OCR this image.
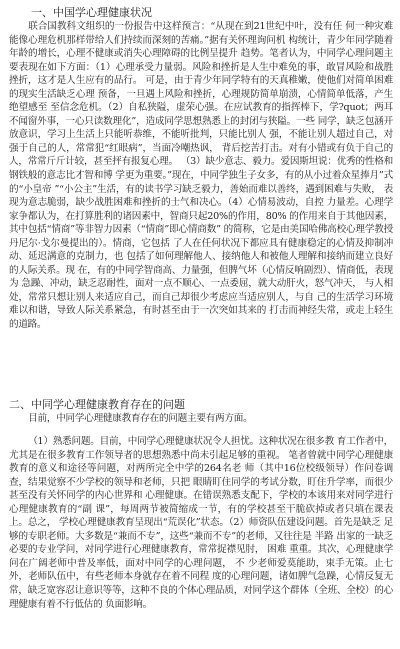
一、中国学心理健康状况

联合国教科文组织的一份报告中这样预言：“从现在到21世纪中叶，没有任 何一种灾难能像心理危机那样带给人们持续而深刻的苦痛。”据有关怀理询问机 构统计，青少年同学随着年龄的增长，心理不健康或消失心理障碍的比例呈提升 趋势。笔者认为，中同学心理问题主要表现在如下方面：（1）心理承受力量弱。风险和挫折是人生中难免的事，敢冒风险和战胜挫折，这才是人生应有的品行。 可是，由于青少年同学特有的天真稚嫩，使他们对简单困难的现实生活缺乏心理 预备，一旦遇上风险和挫折，心理规防简单崩溃，心情简单低落，产生绝望感至 至信念危机。（2）自私狭隘，虚荣心强。在应试教育的指挥棒下，学?quot；两耳不闻窗外事，一心只读数理化”，造成同学思想熟悉上的封闭与狭隘。一些 同学，缺乏包涵开放意识，学习上生活上只能听恭维，不能听批判，只能比别人 强，不能让别人超过自己，对强于自己的人，常常犯“红眼病”，当面冷嘲热讽， 背后挖苦打击。对有小错或有负于自己的人，常常斤斤计较，甚至抨有报复心理。 （3）缺少意志、毅力。爱因斯坦说：优秀的性格和钢铁般的意志比才智和博 学更为重要。”现在，中同学独生子女多，有的从小过着众星捧月”式的“小皇帝 ”“小公主”生活，有的读书学习缺乏毅力，善始而难以善终，遇到困难与失败， 表现为意志脆弱，缺少战胜困难和挫折的士气和决心。（4）心情易波动，自控 力量差。心理学家争都认为，在打算胜利的诸因素中，智商只起20%的作用，80% 的作用来自于其他因素，其中包括“情商”等非智力因素（“情商”即心情商数” 的简称，它是由美国哈佛高校心理学教授丹尼尔·戈尔曼提出的）。情商，它包括 了人在任何状况下都应具有健康稳定的心情及抑制冲动、延迟满意的克制力，也 包括了如何理解他人、接纳他人和被他人理解和接纳而建立良好的人际关系。现 在，有的中同学智商高、力量强，但脾气坏（心情反响剧烈）、情商低，表现为 急躁、冲动，缺乏忍耐性，面对一点不顺心、一点委屈，就大动肝火，怒气冲天， 与人相处，常常只想让别人来适应自己，而自己却很少考虑应当适应别人，与自 己的生活学习环境难以和谐，导致人际关系紧急，有时甚至由于一次突如其来的 打击而神经失常，或走上轻生的道路。

二、中同学心理健康教育存在的问题

目前，中同学心理健康教育存在的问题主要有两方面。

（1）熟悉问题。目前，中同学心理健康状况令人担忧。这种状况在很多教 育工作者中，尤其是在很多教育工作领导者的思想熟悉中尚未引起足够的重视。 笔者曾就中同学心理健康教育的意义和途径等问题，对两所完全中学的264名老 师（其中16位校级领导）作问卷调查，结果觉察不少学校的领导和老师，只把 眼睛盯住同学的考试分数，盯住升学率，而很少甚至没有关怀同学的内心世界和 心理健康。在错误熟悉支配下，学校的本该用来对同学进行心理健康教育的“副 课”，每周两节被简缩成一节，有的学校甚至干脆砍掉或者只填在课表上。总之， 学校心理健康教育呈现出“荒误化”状态。（2）师资队伍建设问题。首先是缺乏 足够的专职老师。大多数是“兼而不专”，这些“兼而不专”的老师，又往往是 半路 出家的一缺乏必要的专业学问，对同学进行心理健康教育，常常捉襟见肘， 困难 重重。其次，心理健康学问在广阔老师中普及率低，面对中同学的心理问题， 不 少老师爱莫能助，束手无策。止七外，老师队伍中，有些老师本身就存在着不同程 度的心理问题，诸如脾气急躁，心情反复无常，缺乏宽容忍让意识等等，这种不良的个体心理品质，对同学这个群体（全班、全校）的心理健康有着不行低估的 负面影响。
